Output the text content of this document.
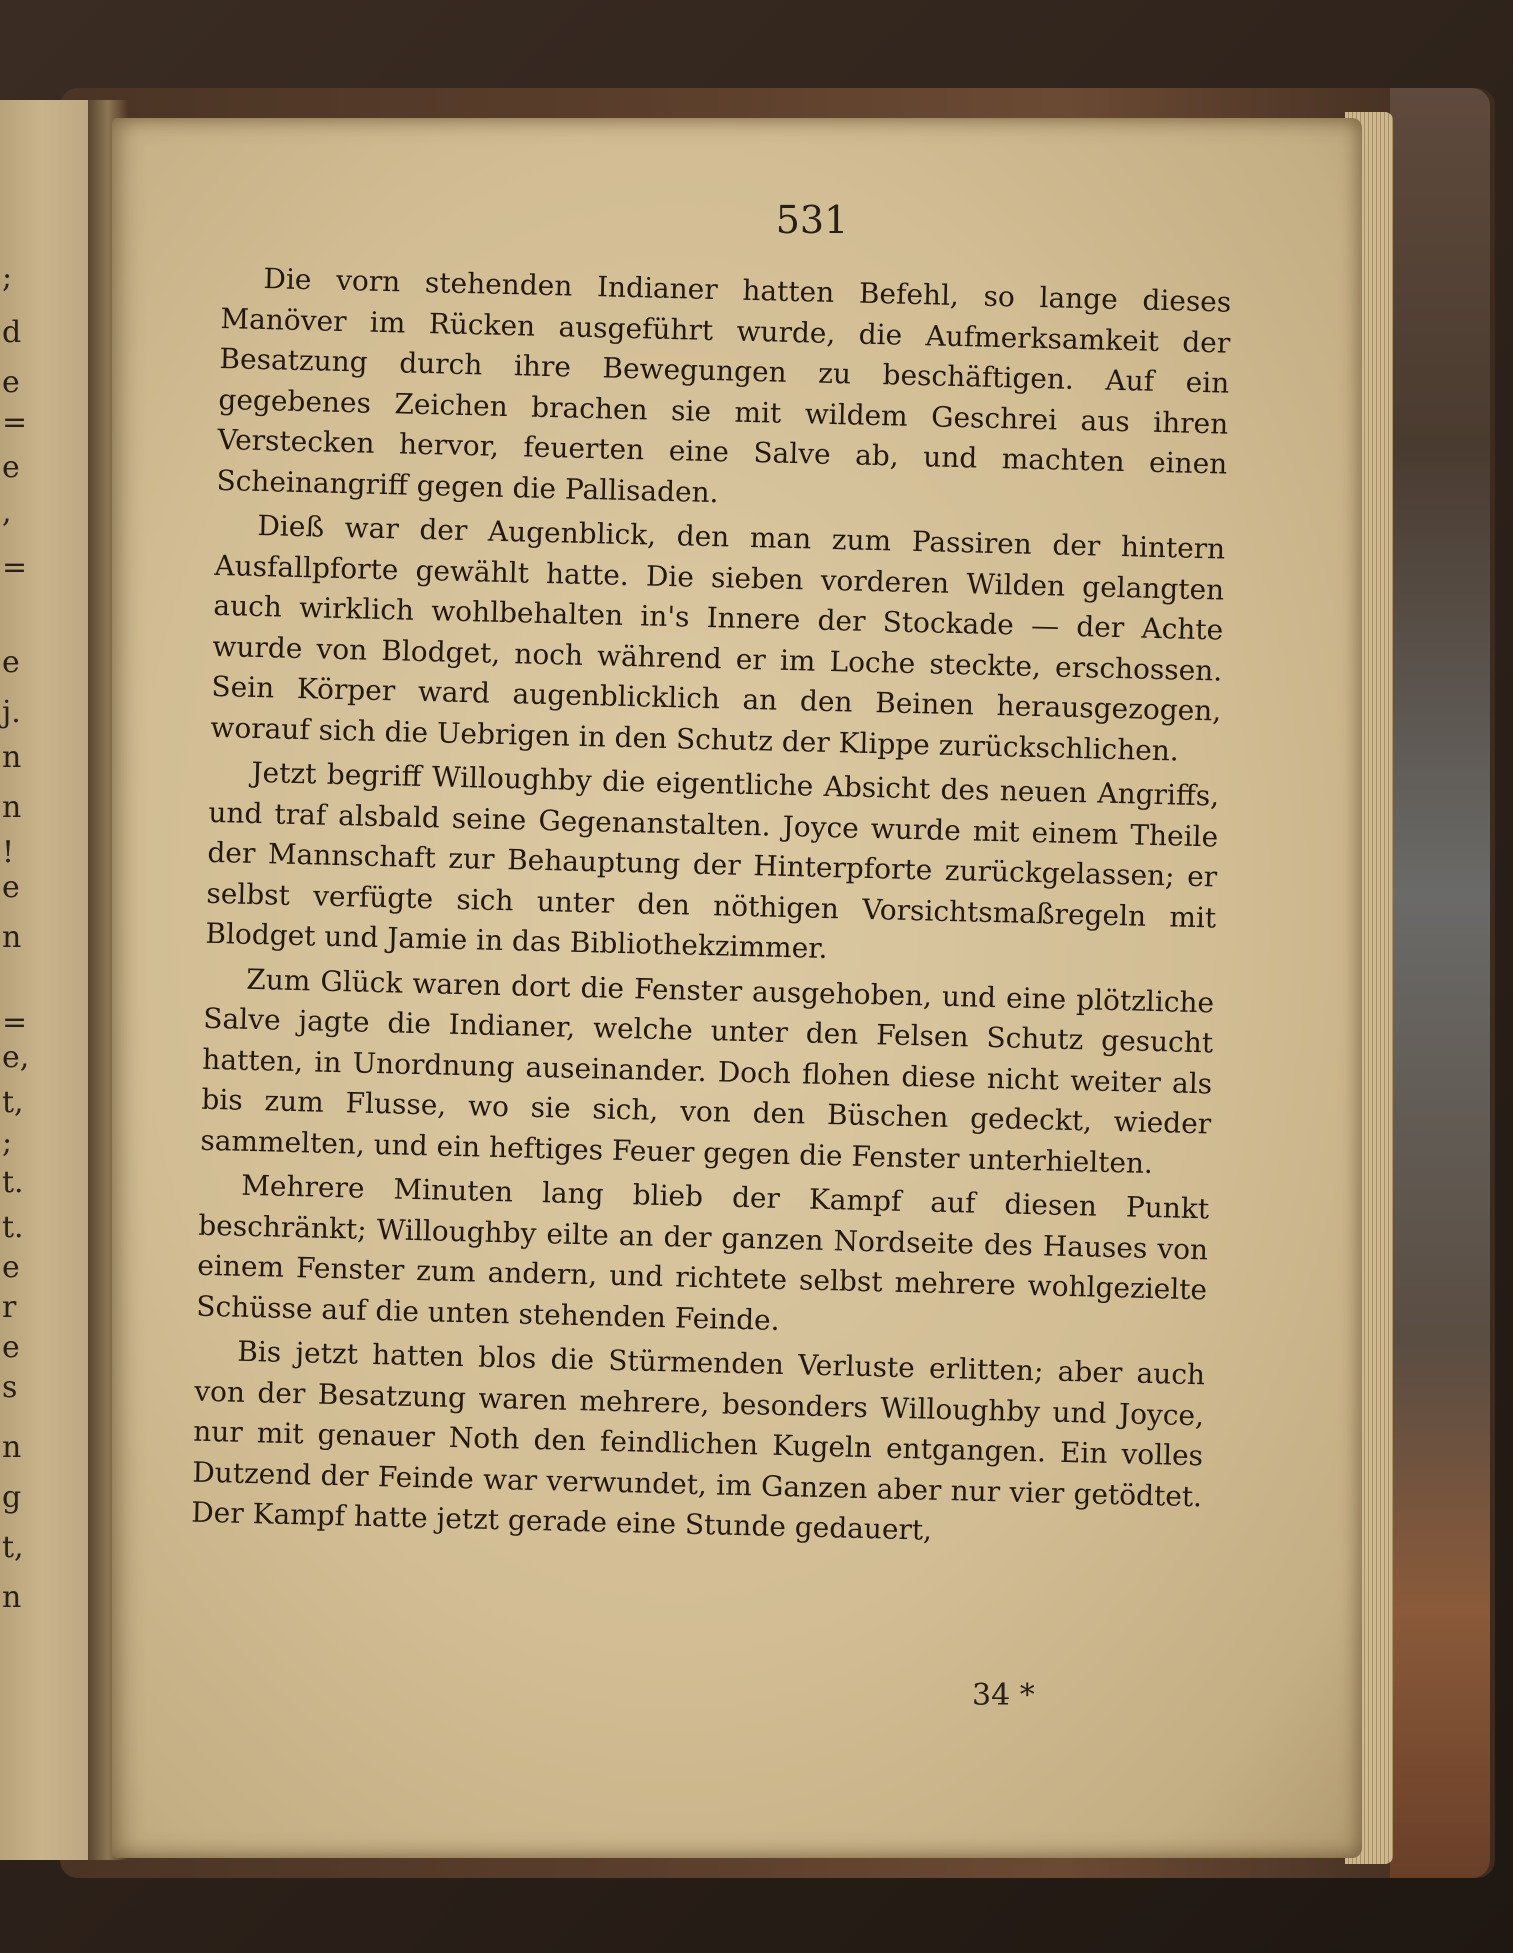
;
d
e
=
e
,
=
e
j.
n
n
!
e
n
=
e,
t,
;
t.
t.
e
r
e
s
n
g
t,
n
531

Die vorn stehenden Indianer hatten Befehl, so lange dieses Manöver im Rücken ausgeführt wurde, die Aufmerksamkeit der Besatzung durch ihre Bewegungen zu beschäftigen. Auf ein gegebenes Zeichen brachen sie mit wildem Geschrei aus ihren Verstecken hervor, feuerten eine Salve ab, und machten einen Scheinangriff gegen die Pallisaden.

Dieß war der Augenblick, den man zum Passiren der hintern Ausfallpforte gewählt hatte. Die sieben vorderen Wilden gelangten auch wirklich wohlbehalten in's Innere der Stockade — der Achte wurde von Blodget, noch während er im Loche steckte, erschossen. Sein Körper ward augenblicklich an den Beinen herausgezogen, worauf sich die Uebrigen in den Schutz der Klippe zurückschlichen.

Jetzt begriff Willoughby die eigentliche Absicht des neuen Angriffs, und traf alsbald seine Gegenanstalten. Joyce wurde mit einem Theile der Mannschaft zur Behauptung der Hinterpforte zurückgelassen; er selbst verfügte sich unter den nöthigen Vorsichtsmaßregeln mit Blodget und Jamie in das Bibliothekzimmer.

Zum Glück waren dort die Fenster ausgehoben, und eine plötzliche Salve jagte die Indianer, welche unter den Felsen Schutz gesucht hatten, in Unordnung auseinander. Doch flohen diese nicht weiter als bis zum Flusse, wo sie sich, von den Büschen gedeckt, wieder sammelten, und ein heftiges Feuer gegen die Fenster unterhielten.

Mehrere Minuten lang blieb der Kampf auf diesen Punkt beschränkt; Willoughby eilte an der ganzen Nordseite des Hauses von einem Fenster zum andern, und richtete selbst mehrere wohlgezielte Schüsse auf die unten stehenden Feinde.

Bis jetzt hatten blos die Stürmenden Verluste erlitten; aber auch von der Besatzung waren mehrere, besonders Willoughby und Joyce, nur mit genauer Noth den feindlichen Kugeln entgangen. Ein volles Dutzend der Feinde war verwundet, im Ganzen aber nur vier getödtet. Der Kampf hatte jetzt gerade eine Stunde gedauert,

34 *
